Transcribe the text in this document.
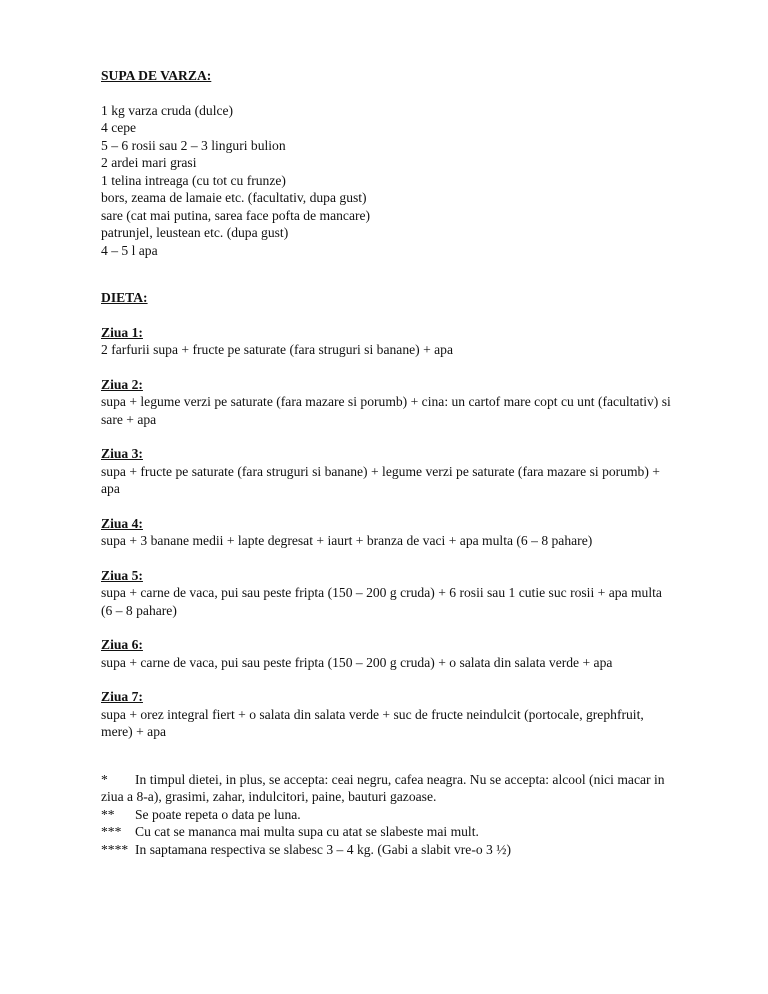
SUPA DE VARZA:

1 kg varza cruda (dulce)

4 cepe

5 – 6 rosii sau 2 – 3 linguri bulion

2 ardei mari grasi

1 telina intreaga (cu tot cu frunze)

bors, zeama de lamaie etc. (facultativ, dupa gust)

sare (cat mai putina, sarea face pofta de mancare)

patrunjel, leustean etc. (dupa gust)

4 – 5 l apa

DIETA:

Ziua 1:

2 farfurii supa + fructe pe saturate (fara struguri si banane) + apa

Ziua 2:

supa + legume verzi pe saturate (fara mazare si porumb) + cina: un cartof mare copt cu unt (facultativ) si sare + apa

Ziua 3:

supa + fructe pe saturate (fara struguri si banane) + legume verzi pe saturate (fara mazare si porumb) + apa

Ziua 4:

supa + 3 banane medii + lapte degresat + iaurt + branza de vaci + apa multa (6 – 8 pahare)

Ziua 5:

supa + carne de vaca, pui sau peste fripta (150 – 200 g cruda) + 6 rosii sau 1 cutie suc rosii + apa multa (6 – 8 pahare)

Ziua 6:

supa + carne de vaca, pui sau peste fripta (150 – 200 g cruda) + o salata din salata verde + apa

Ziua 7:

supa + orez integral fiert + o salata din salata verde + suc de fructe neindulcit (portocale, grephfruit, mere) + apa

*	In timpul dietei, in plus, se accepta: ceai negru, cafea neagra. Nu se accepta: alcool (nici macar in ziua a 8-a), grasimi, zahar, indulcitori, paine, bauturi gazoase.
**	Se poate repeta o data pe luna.
***	Cu cat se mananca mai multa supa cu atat se slabeste mai mult.
**** In saptamana respectiva se slabesc 3 – 4 kg. (Gabi a slabit vre-o 3 ½)
